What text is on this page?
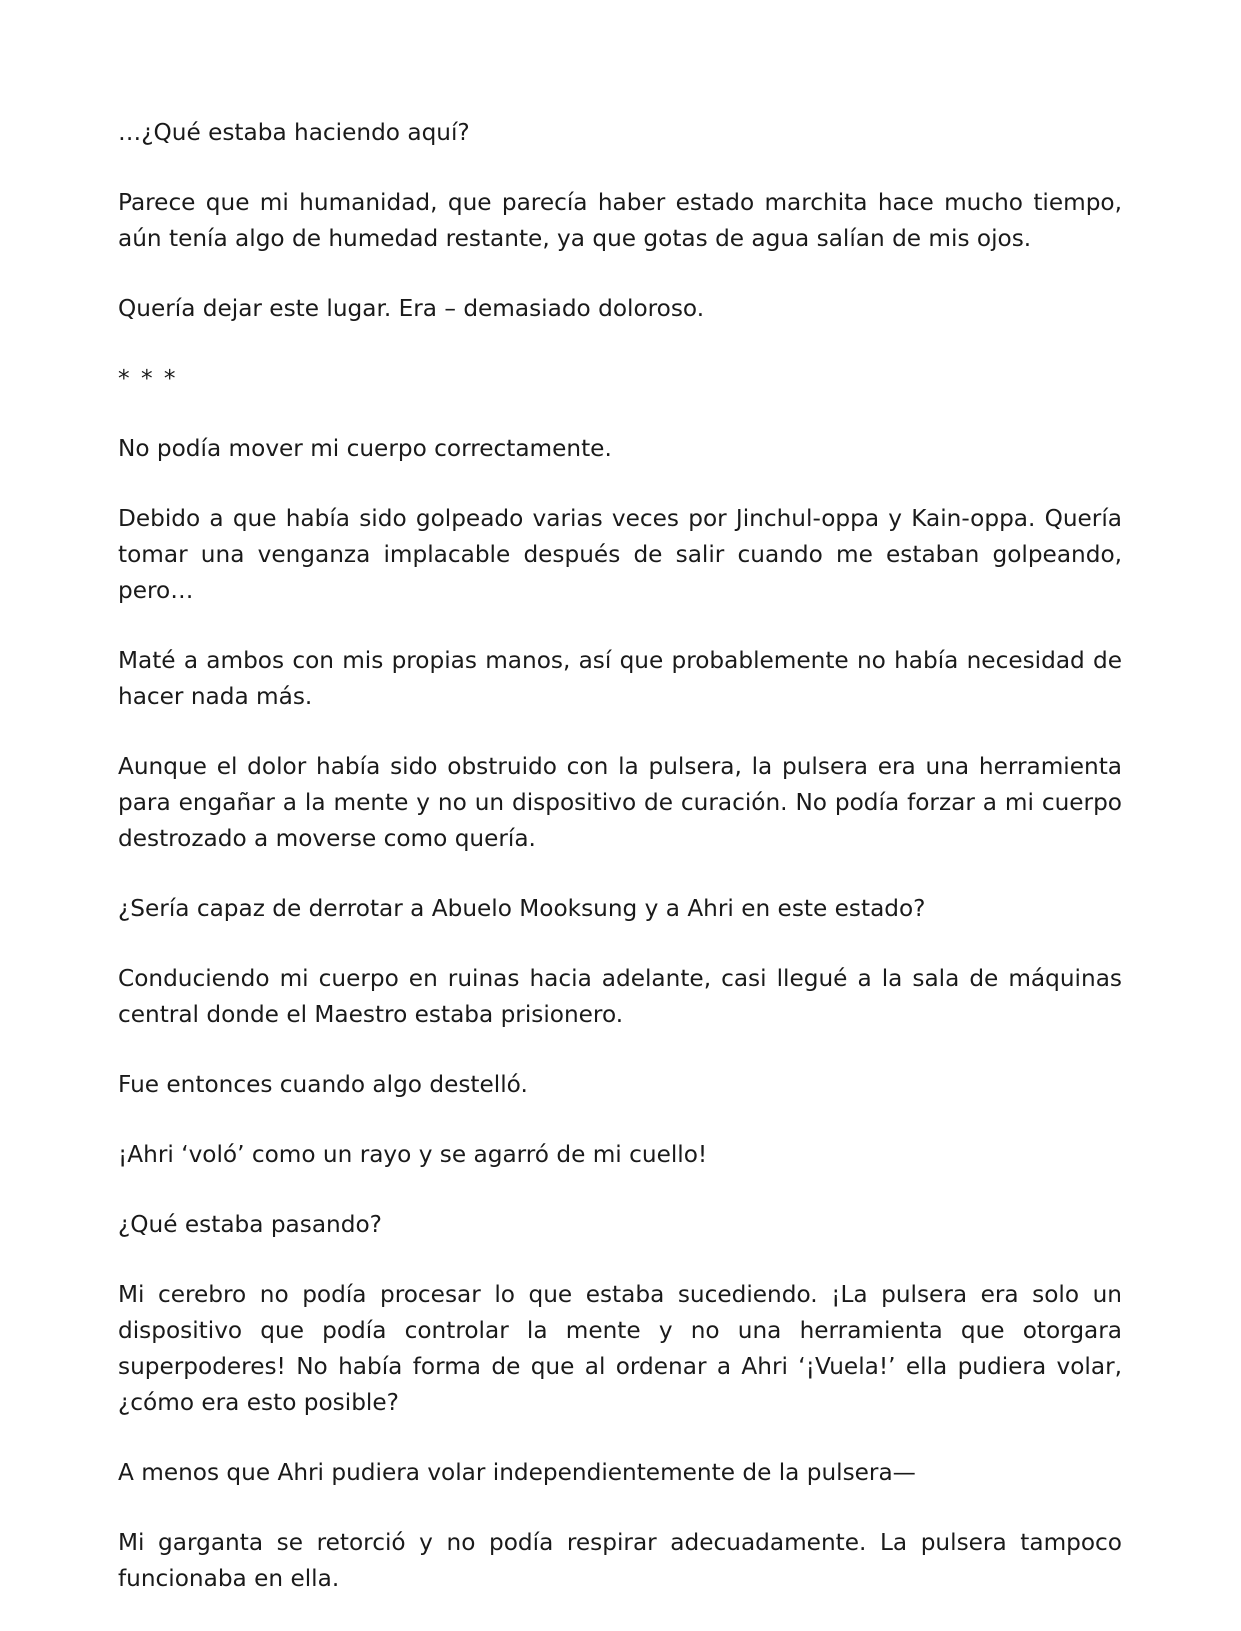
…¿Qué estaba haciendo aquí?

Parece que mi humanidad, que parecía haber estado marchita hace mucho tiempo, aún tenía algo de humedad restante, ya que gotas de agua salían de mis ojos.

Quería dejar este lugar. Era – demasiado doloroso.

* * *

No podía mover mi cuerpo correctamente.

Debido a que había sido golpeado varias veces por Jinchul-oppa y Kain-oppa. Quería tomar una venganza implacable después de salir cuando me estaban golpeando, pero…

Maté a ambos con mis propias manos, así que probablemente no había necesidad de hacer nada más.

Aunque el dolor había sido obstruido con la pulsera, la pulsera era una herramienta para engañar a la mente y no un dispositivo de curación. No podía forzar a mi cuerpo destrozado a moverse como quería.

¿Sería capaz de derrotar a Abuelo Mooksung y a Ahri en este estado?

Conduciendo mi cuerpo en ruinas hacia adelante, casi llegué a la sala de máquinas central donde el Maestro estaba prisionero.

Fue entonces cuando algo destelló.

¡Ahri ‘voló’ como un rayo y se agarró de mi cuello!

¿Qué estaba pasando?

Mi cerebro no podía procesar lo que estaba sucediendo. ¡La pulsera era solo un dispositivo que podía controlar la mente y no una herramienta que otorgara superpoderes! No había forma de que al ordenar a Ahri ‘¡Vuela!’ ella pudiera volar, ¿cómo era esto posible?

A menos que Ahri pudiera volar independientemente de la pulsera—

Mi garganta se retorció y no podía respirar adecuadamente. La pulsera tampoco funcionaba en ella.
